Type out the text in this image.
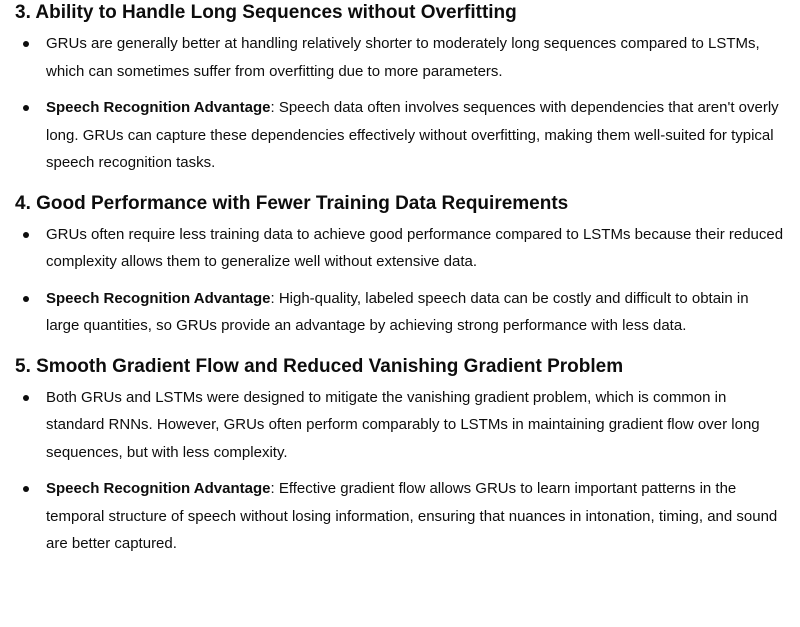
3. Ability to Handle Long Sequences without Overfitting
GRUs are generally better at handling relatively shorter to moderately long sequences compared to LSTMs, which can sometimes suffer from overfitting due to more parameters.
Speech Recognition Advantage: Speech data often involves sequences with dependencies that aren't overly long. GRUs can capture these dependencies effectively without overfitting, making them well-suited for typical speech recognition tasks.
4. Good Performance with Fewer Training Data Requirements
GRUs often require less training data to achieve good performance compared to LSTMs because their reduced complexity allows them to generalize well without extensive data.
Speech Recognition Advantage: High-quality, labeled speech data can be costly and difficult to obtain in large quantities, so GRUs provide an advantage by achieving strong performance with less data.
5. Smooth Gradient Flow and Reduced Vanishing Gradient Problem
Both GRUs and LSTMs were designed to mitigate the vanishing gradient problem, which is common in standard RNNs. However, GRUs often perform comparably to LSTMs in maintaining gradient flow over long sequences, but with less complexity.
Speech Recognition Advantage: Effective gradient flow allows GRUs to learn important patterns in the temporal structure of speech without losing information, ensuring that nuances in intonation, timing, and sound are better captured.
